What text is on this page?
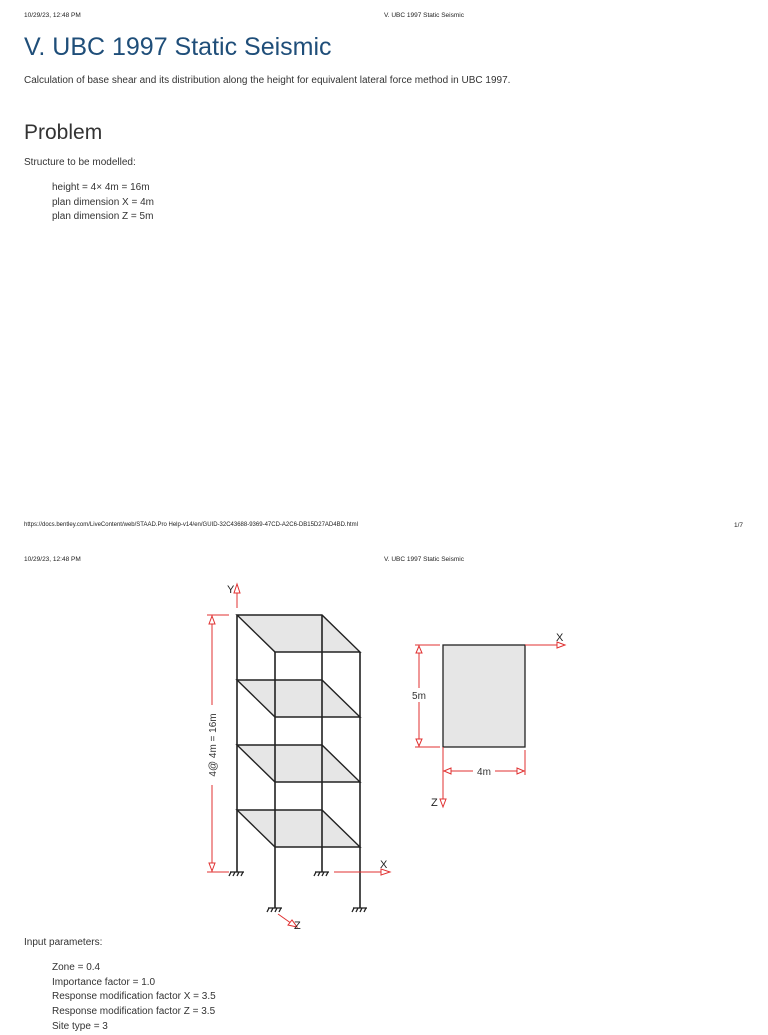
10/29/23, 12:48 PM	V. UBC 1997 Static Seismic
V. UBC 1997 Static Seismic
Calculation of base shear and its distribution along the height for equivalent lateral force method in UBC 1997.
Problem
Structure to be modelled:
height = 4× 4m = 16m
plan dimension X = 4m
plan dimension Z = 5m
https://docs.bentley.com/LiveContent/web/STAAD.Pro Help-v14/en/GUID-32C43688-9369-47CD-A2C6-DB15D27AD4BD.html	1/7
10/29/23, 12:48 PM	V. UBC 1997 Static Seismic
Y
X
Z
4@ 4m = 16m
X
Z
5m
4m
Input parameters:
Zone = 0.4
Importance factor = 1.0
Response modification factor X = 3.5
Response modification factor Z = 3.5
Site type = 3
